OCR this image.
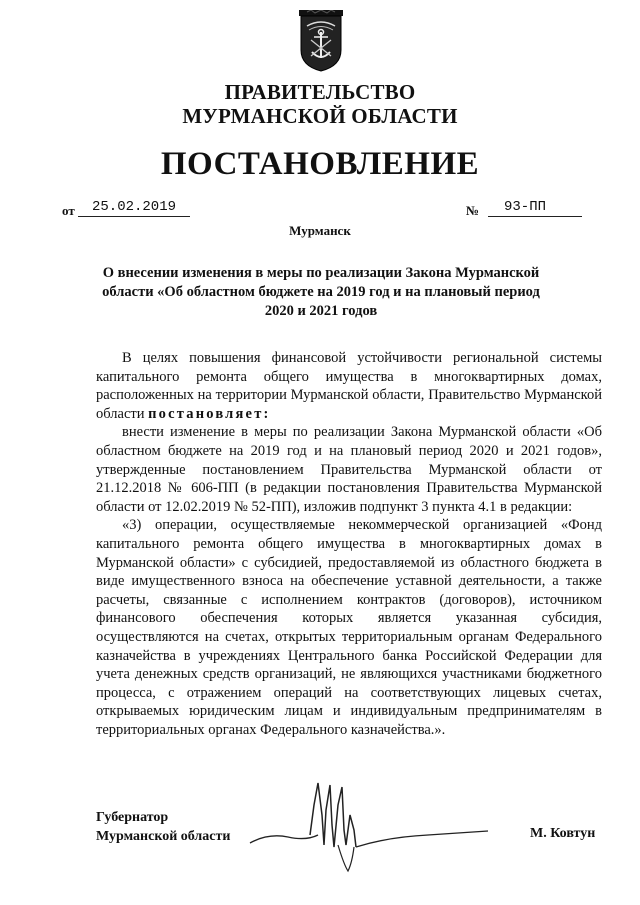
ПРАВИТЕЛЬСТВО
МУРМАНСКОЙ ОБЛАСТИ
ПОСТАНОВЛЕНИЕ
от	25.02.2019	№	93-ПП
Мурманск
О внесении изменения в меры по реализации Закона Мурманской области «Об областном бюджете на 2019 год и на плановый период 2020 и 2021 годов

В целях повышения финансовой устойчивости региональной системы капитального ремонта общего имущества в многоквартирных домах, расположенных на территории Мурманской области, Правительство Мурманской области постановляет:

внести изменение в меры по реализации Закона Мурманской области «Об областном бюджете на 2019 год и на плановый период 2020 и 2021 годов», утвержденные постановлением Правительства Мурманской области от 21.12.2018 № 606-ПП (в редакции постановления Правительства Мурманской области от 12.02.2019 № 52-ПП), изложив подпункт 3 пункта 4.1 в редакции:

«3) операции, осуществляемые некоммерческой организацией «Фонд капитального ремонта общего имущества в многоквартирных домах в Мурманской области» с субсидией, предоставляемой из областного бюджета в виде имущественного взноса на обеспечение уставной деятельности, а также расчеты, связанные с исполнением контрактов (договоров), источником финансового обеспечения которых является указанная субсидия, осуществляются на счетах, открытых территориальным органам Федерального казначейства в учреждениях Центрального банка Российской Федерации для учета денежных средств организаций, не являющихся участниками бюджетного процесса, с отражением операций на соответствующих лицевых счетах, открываемых юридическим лицам и индивидуальным предпринимателям в территориальных органах Федерального казначейства.».

Губернатор
Мурманской области	М. Ковтун
